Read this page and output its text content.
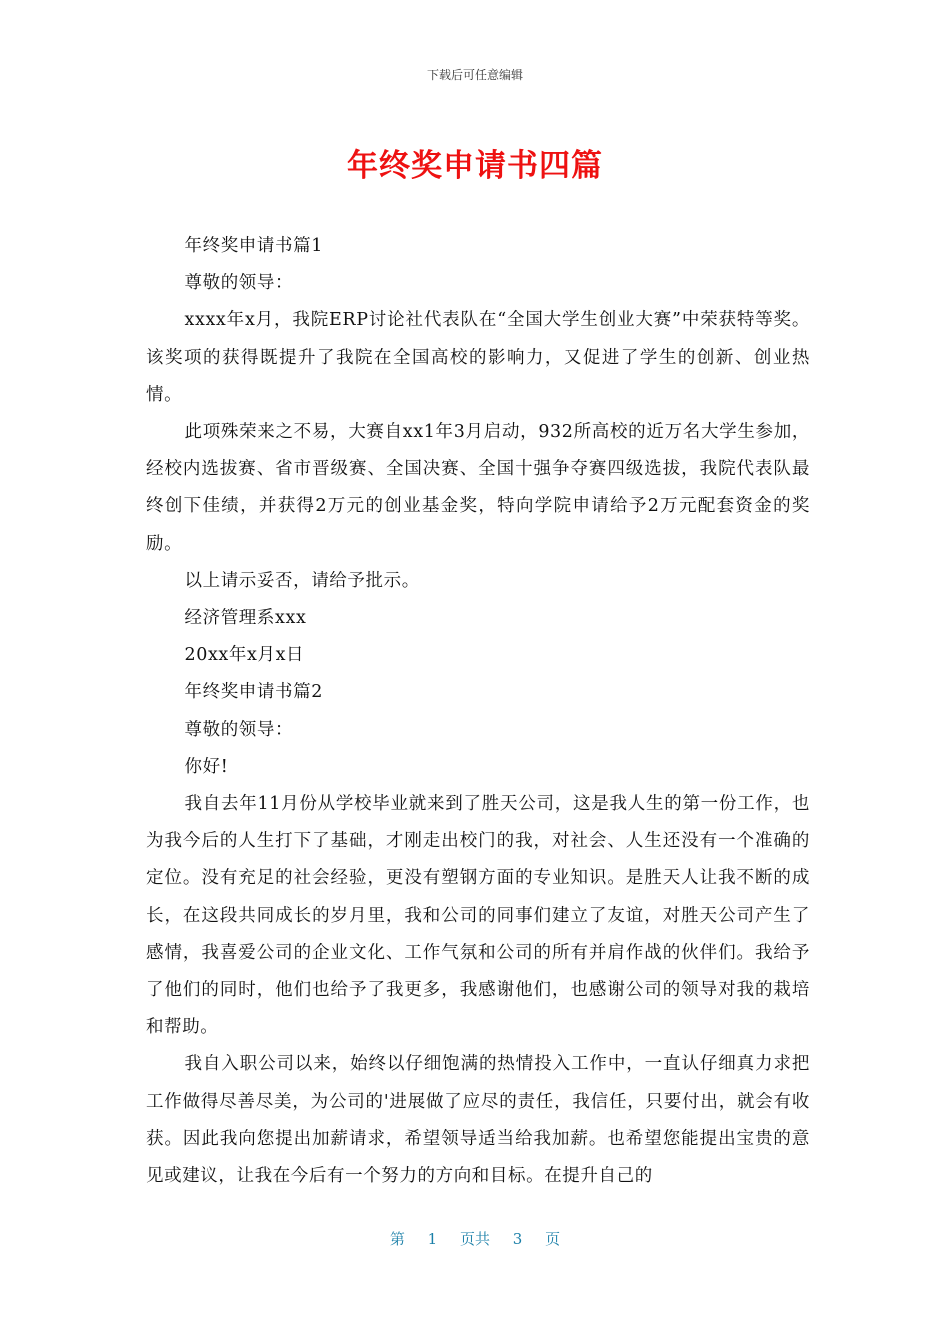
下载后可任意编辑
年终奖申请书四篇

年终奖申请书篇1

尊敬的领导：

xxxx年x月，我院ERP讨论社代表队在“全国大学生创业大赛”中荣获特等奖。该奖项的获得既提升了我院在全国高校的影响力，又促进了学生的创新、创业热情。

此项殊荣来之不易，大赛自xx1年3月启动，932所高校的近万名大学生参加，经校内选拔赛、省市晋级赛、全国决赛、全国十强争夺赛四级选拔，我院代表队最终创下佳绩，并获得2万元的创业基金奖，特向学院申请给予2万元配套资金的奖励。

以上请示妥否，请给予批示。

经济管理系xxx

20xx年x月x日

年终奖申请书篇2

尊敬的领导：

你好!

我自去年11月份从学校毕业就来到了胜天公司，这是我人生的第一份工作，也为我今后的人生打下了基础，才刚走出校门的我，对社会、人生还没有一个准确的定位。没有充足的社会经验，更没有塑钢方面的专业知识。是胜天人让我不断的成长，在这段共同成长的岁月里，我和公司的同事们建立了友谊，对胜天公司产生了感情，我喜爱公司的企业文化、工作气氛和公司的所有并肩作战的伙伴们。我给予了他们的同时，他们也给予了我更多，我感谢他们，也感谢公司的领导对我的栽培和帮助。

我自入职公司以来，始终以仔细饱满的热情投入工作中，一直认仔细真力求把工作做得尽善尽美，为公司的'进展做了应尽的责任，我信任，只要付出，就会有收获。因此我向您提出加薪请求，希望领导适当给我加薪。也希望您能提出宝贵的意见或建议，让我在今后有一个努力的方向和目标。在提升自己的

第 1 页共 3 页
